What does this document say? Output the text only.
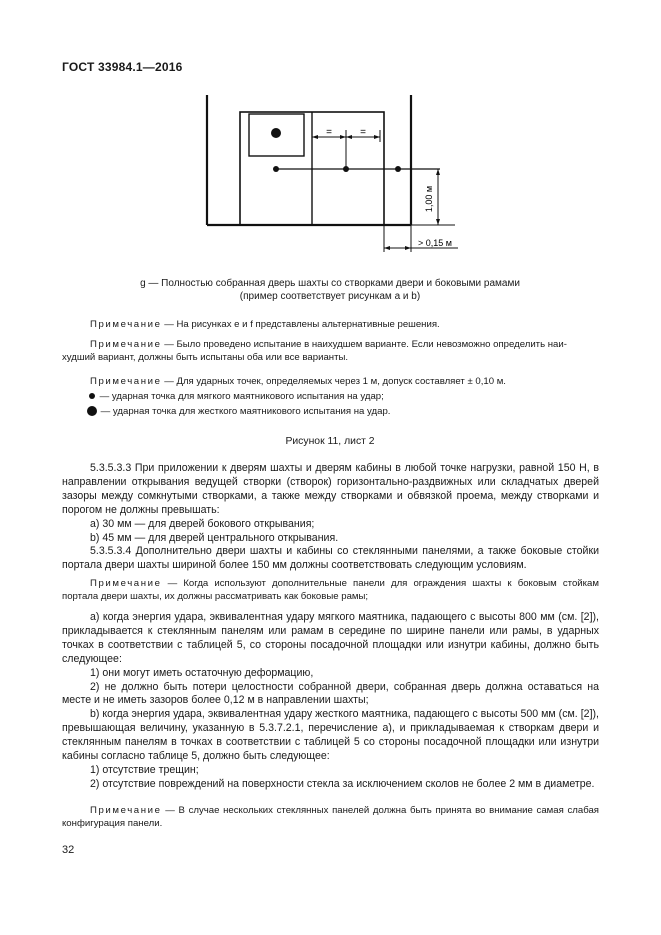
ГОСТ 33984.1—2016
=	=
1,00 м
> 0,15 м
g — Полностью собранная дверь шахты со створками двери и боковыми рамами
(пример соответствует рисункам a и b)
Примечание — На рисунках e и f представлены альтернативные решения.
Примечание — Было проведено испытание в наихудшем варианте. Если невозможно определить наи-
худший вариант, должны быть испытаны оба или все варианты.
Примечание — Для ударных точек, определяемых через 1 м, допуск составляет ± 0,10 м.
— ударная точка для мягкого маятникового испытания на удар;
— ударная точка для жесткого маятникового испытания на удар.
Рисунок 11, лист 2

5.3.5.3.3 При приложении к дверям шахты и дверям кабины в любой точке нагрузки, равной 150 Н, в направлении открывания ведущей створки (створок) горизонтально-раздвижных или складчатых дверей зазоры между сомкнутыми створками, а также между створками и обвязкой проема, между створками и порогом не должны превышать:

a) 30 мм — для дверей бокового открывания;

b) 45 мм — для дверей центрального открывания.

5.3.5.3.4 Дополнительно двери шахты и кабины со стеклянными панелями, а также боковые стойки портала двери шахты шириной более 150 мм должны соответствовать следующим условиям.

Примечание — Когда используют дополнительные панели для ограждения шахты к боковым стойкам портала двери шахты, их должны рассматривать как боковые рамы;

a) когда энергия удара, эквивалентная удару мягкого маятника, падающего с высоты 800 мм (см. [2]), прикладывается к стеклянным панелям или рамам в середине по ширине панели или рамы, в ударных точках в соответствии с таблицей 5, со стороны посадочной площадки или изнутри кабины, должно быть следующее:

1) они могут иметь остаточную деформацию,

2) не должно быть потери целостности собранной двери, собранная дверь должна оставаться на месте и не иметь зазоров более 0,12 м в направлении шахты;

b) когда энергия удара, эквивалентная удару жесткого маятника, падающего с высоты 500 мм (см. [2]), превышающая величину, указанную в 5.3.7.2.1, перечисление a), и прикладываемая к створкам двери и стеклянным панелям в точках в соответствии с таблицей 5 со стороны посадочной площадки или изнутри кабины согласно таблице 5, должно быть следующее:

1) отсутствие трещин;

2) отсутствие повреждений на поверхности стекла за исключением сколов не более 2 мм в диаметре.

Примечание — В случае нескольких стеклянных панелей должна быть принята во внимание самая слабая конфигурация панели.

32
